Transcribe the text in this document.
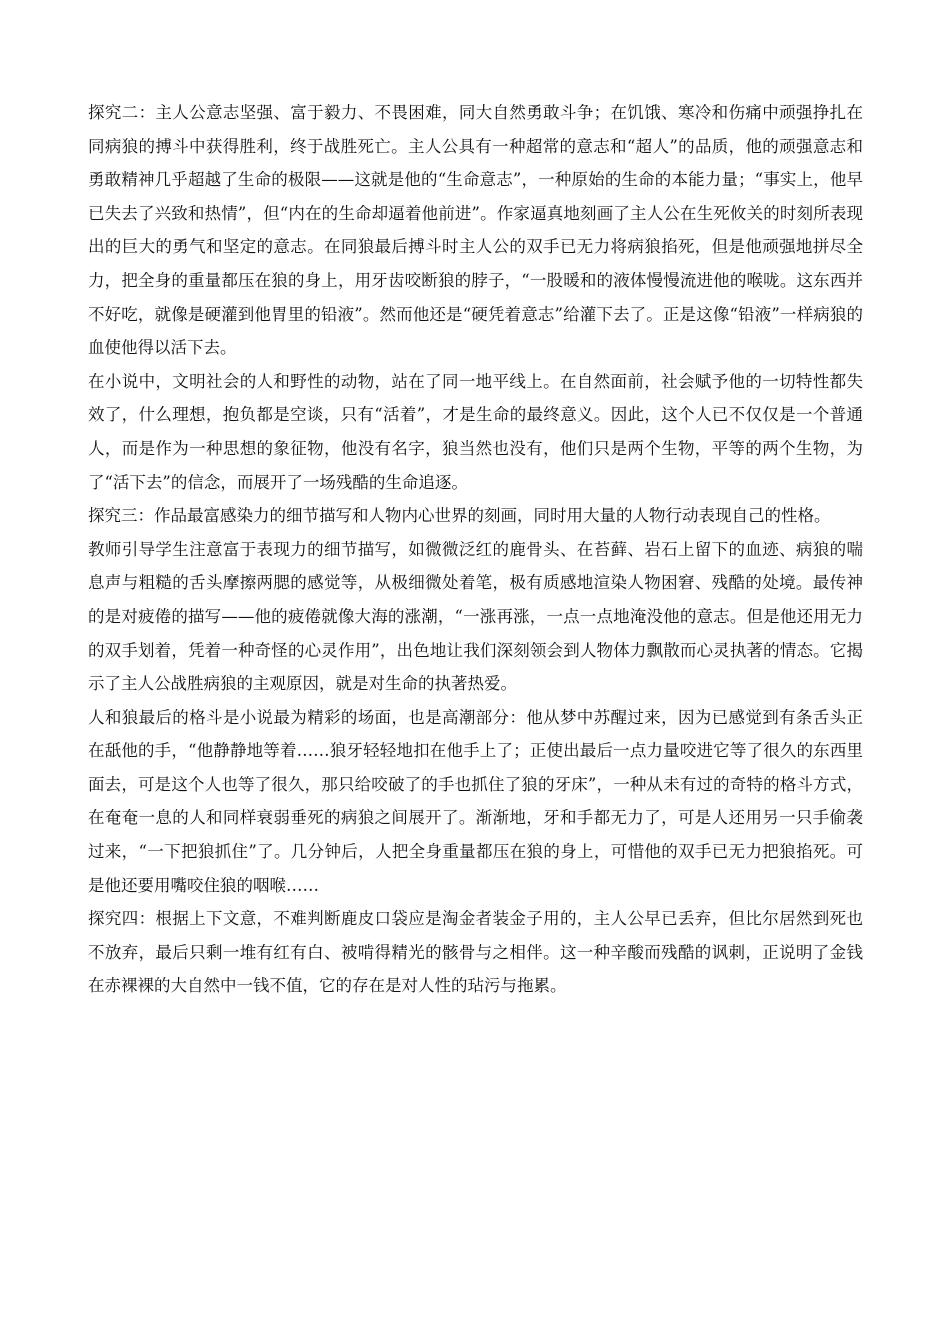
探究二：主人公意志坚强、富于毅力、不畏困难，同大自然勇敢斗争；在饥饿、寒冷和伤痛中顽强挣扎在同病狼的搏斗中获得胜利，终于战胜死亡。主人公具有一种超常的意志和“超人”的品质，他的顽强意志和勇敢精神几乎超越了生命的极限——这就是他的“生命意志”，一种原始的生命的本能力量；“事实上，他早已失去了兴致和热情”，但“内在的生命却逼着他前进”。作家逼真地刻画了主人公在生死攸关的时刻所表现出的巨大的勇气和坚定的意志。在同狼最后搏斗时主人公的双手已无力将病狼掐死，但是他顽强地拼尽全力，把全身的重量都压在狼的身上，用牙齿咬断狼的脖子，“一股暖和的液体慢慢流进他的喉咙。这东西并不好吃，就像是硬灌到他胃里的铅液”。然而他还是“硬凭着意志”给灌下去了。正是这像“铅液”一样病狼的血使他得以活下去。

在小说中，文明社会的人和野性的动物，站在了同一地平线上。在自然面前，社会赋予他的一切特性都失效了，什么理想，抱负都是空谈，只有“活着”，才是生命的最终意义。因此，这个人已不仅仅是一个普通人，而是作为一种思想的象征物，他没有名字，狼当然也没有，他们只是两个生物，平等的两个生物，为了“活下去”的信念，而展开了一场残酷的生命追逐。

探究三：作品最富感染力的细节描写和人物内心世界的刻画，同时用大量的人物行动表现自己的性格。

教师引导学生注意富于表现力的细节描写，如微微泛红的鹿骨头、在苔藓、岩石上留下的血迹、病狼的喘息声与粗糙的舌头摩擦两腮的感觉等，从极细微处着笔，极有质感地渲染人物困窘、残酷的处境。最传神的是对疲倦的描写——他的疲倦就像大海的涨潮，“一涨再涨，一点一点地淹没他的意志。但是他还用无力的双手划着，凭着一种奇怪的心灵作用”，出色地让我们深刻领会到人物体力飘散而心灵执著的情态。它揭示了主人公战胜病狼的主观原因，就是对生命的执著热爱。

人和狼最后的格斗是小说最为精彩的场面，也是高潮部分：他从梦中苏醒过来，因为已感觉到有条舌头正在舐他的手，“他静静地等着……狼牙轻轻地扣在他手上了；正使出最后一点力量咬进它等了很久的东西里面去，可是这个人也等了很久，那只给咬破了的手也抓住了狼的牙床”，一种从未有过的奇特的格斗方式，在奄奄一息的人和同样衰弱垂死的病狼之间展开了。渐渐地，牙和手都无力了，可是人还用另一只手偷袭过来，“一下把狼抓住”了。几分钟后，人把全身重量都压在狼的身上，可惜他的双手已无力把狼掐死。可是他还要用嘴咬住狼的咽喉……

探究四：根据上下文意，不难判断鹿皮口袋应是淘金者装金子用的，主人公早已丢弃，但比尔居然到死也不放弃，最后只剩一堆有红有白、被啃得精光的骸骨与之相伴。这一种辛酸而残酷的讽刺，正说明了金钱在赤裸裸的大自然中一钱不值，它的存在是对人性的玷污与拖累。
